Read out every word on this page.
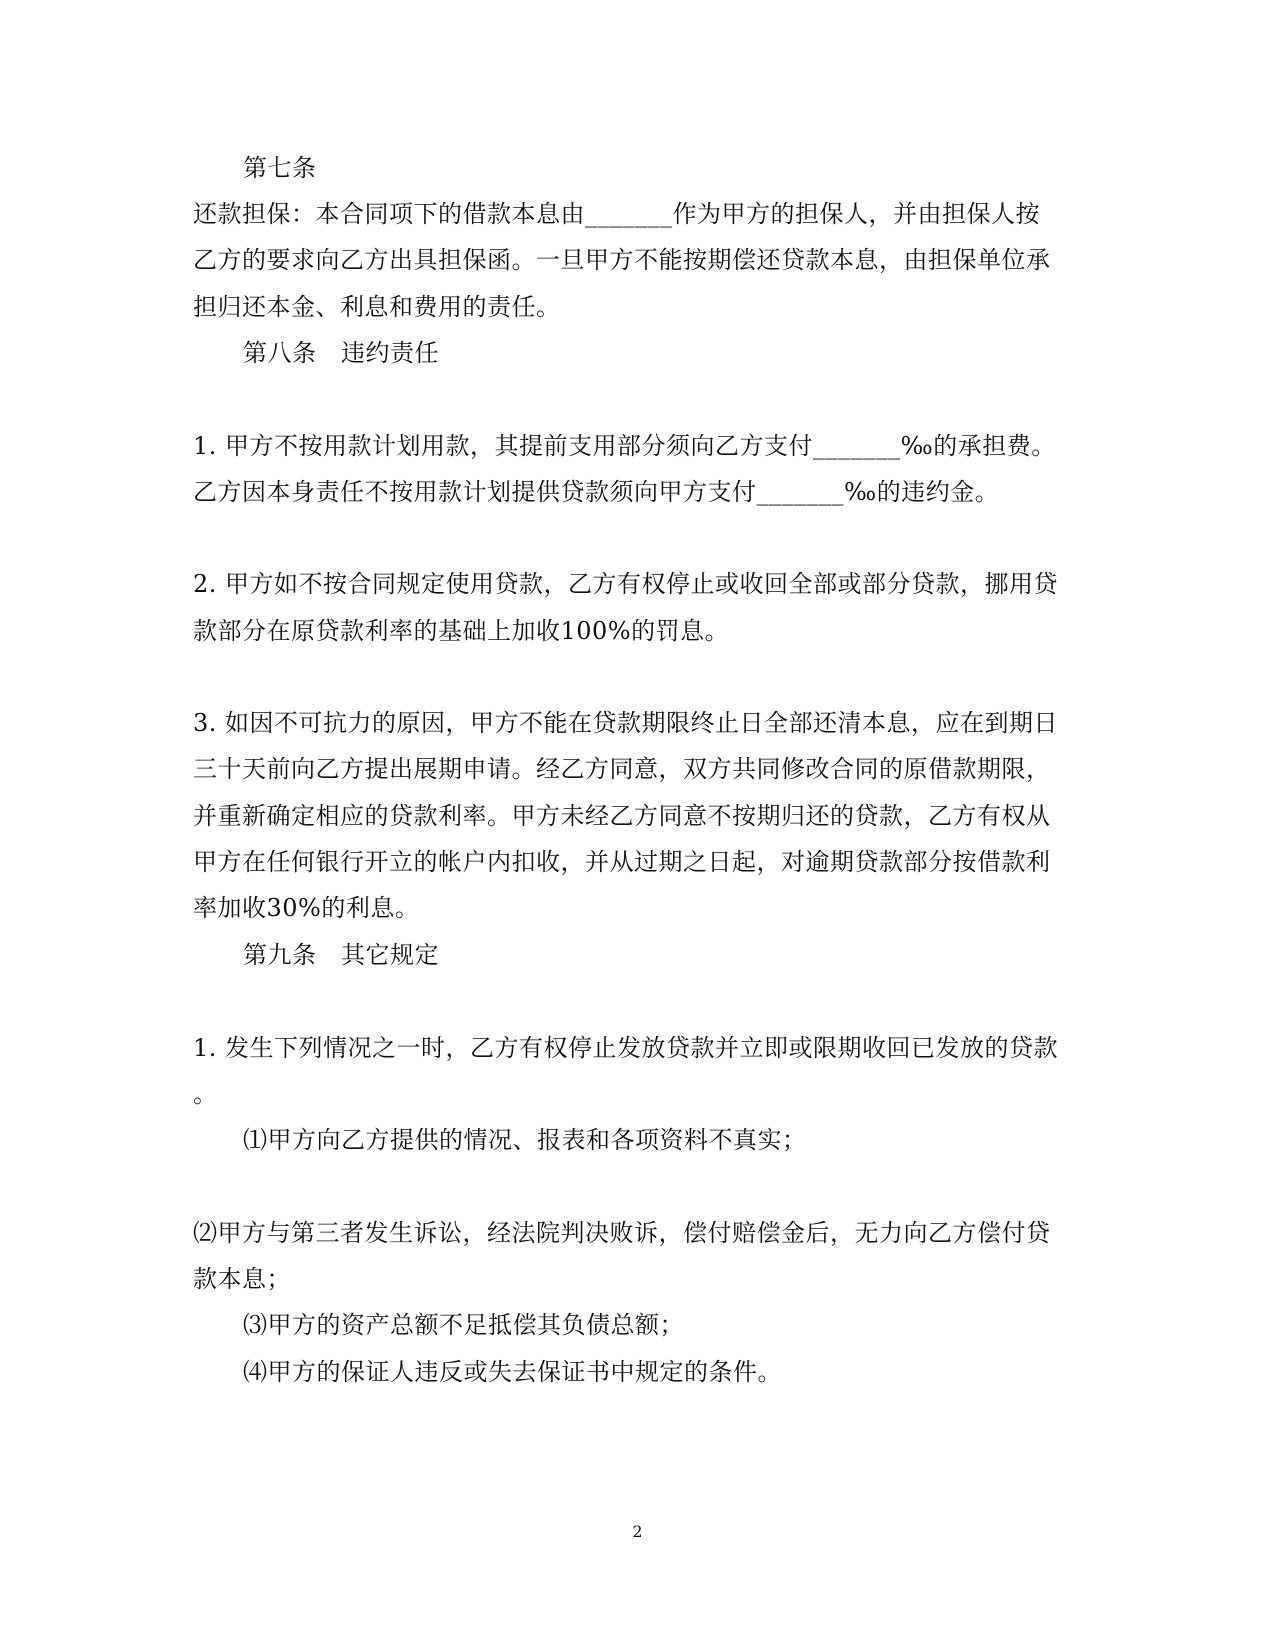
第七条
还款担保：本合同项下的借款本息由_______作为甲方的担保人，并由担保人按
乙方的要求向乙方出具担保函。一旦甲方不能按期偿还贷款本息，由担保单位承
担归还本金、利息和费用的责任。
第八条　违约责任
1. 甲方不按用款计划用款，其提前支用部分须向乙方支付_______‰的承担费。
乙方因本身责任不按用款计划提供贷款须向甲方支付_______‰的违约金。
2. 甲方如不按合同规定使用贷款，乙方有权停止或收回全部或部分贷款，挪用贷
款部分在原贷款利率的基础上加收100%的罚息。
3. 如因不可抗力的原因，甲方不能在贷款期限终止日全部还清本息，应在到期日
三十天前向乙方提出展期申请。经乙方同意，双方共同修改合同的原借款期限，
并重新确定相应的贷款利率。甲方未经乙方同意不按期归还的贷款，乙方有权从
甲方在任何银行开立的帐户内扣收，并从过期之日起，对逾期贷款部分按借款利
率加收30%的利息。
第九条　其它规定
1. 发生下列情况之一时，乙方有权停止发放贷款并立即或限期收回已发放的贷款
。
⑴甲方向乙方提供的情况、报表和各项资料不真实；
⑵甲方与第三者发生诉讼，经法院判决败诉，偿付赔偿金后，无力向乙方偿付贷
款本息；
⑶甲方的资产总额不足抵偿其负债总额；
⑷甲方的保证人违反或失去保证书中规定的条件。
2
